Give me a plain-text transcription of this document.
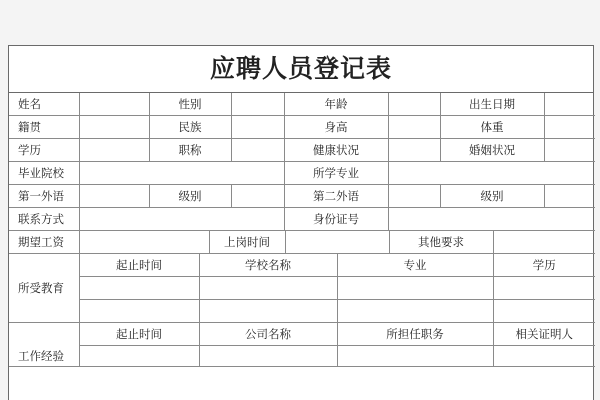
应聘人员登记表
姓名		性别		年龄		出生日期	
籍贯		民族		身高		体重	
学历		职称		健康状况		婚姻状况	
毕业院校				所学专业			
第一外语		级别		第二外语		级别	
联系方式				身份证号			
期望工资		上岗时间		其他要求	
所受教育	起止时间	学校名称	专业	学历

工作经验	起止时间	公司名称	所担任职务	相关证明人
